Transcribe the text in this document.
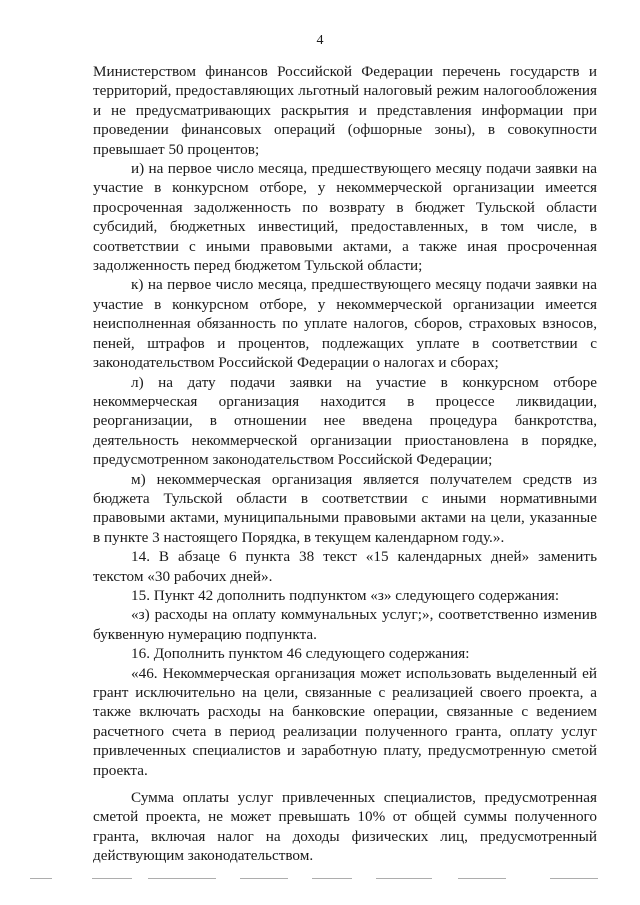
4

Министерством финансов Российской Федерации перечень государств и территорий, предоставляющих льготный налоговый режим налогообложения и не предусматривающих раскрытия и представления информации при проведении финансовых операций (офшорные зоны), в совокупности превышает 50 процентов;

и) на первое число месяца, предшествующего месяцу подачи заявки на участие в конкурсном отборе, у некоммерческой организации имеется просроченная задолженность по возврату в бюджет Тульской области субсидий, бюджетных инвестиций, предоставленных, в том числе, в соответствии с иными правовыми актами, а также иная просроченная задолженность перед бюджетом Тульской области;

к) на первое число месяца, предшествующего месяцу подачи заявки на участие в конкурсном отборе, у некоммерческой организации имеется неисполненная обязанность по уплате налогов, сборов, страховых взносов, пеней, штрафов и процентов, подлежащих уплате в соответствии с законодательством Российской Федерации о налогах и сборах;

л) на дату подачи заявки на участие в конкурсном отборе некоммерческая организация находится в процессе ликвидации, реорганизации, в отношении нее введена процедура банкротства, деятельность некоммерческой организации приостановлена в порядке, предусмотренном законодательством Российской Федерации;

м) некоммерческая организация является получателем средств из бюджета Тульской области в соответствии с иными нормативными правовыми актами, муниципальными правовыми актами на цели, указанные в пункте 3 настоящего Порядка, в текущем календарном году.».

14. В абзаце 6 пункта 38 текст «15 календарных дней» заменить текстом «30 рабочих дней».

15. Пункт 42 дополнить подпунктом «з» следующего содержания:

«з) расходы на оплату коммунальных услуг;», соответственно изменив буквенную нумерацию подпункта.

16. Дополнить пунктом 46 следующего содержания:

«46. Некоммерческая организация может использовать выделенный ей грант исключительно на цели, связанные с реализацией своего проекта, а также включать расходы на банковские операции, связанные с ведением расчетного счета в период реализации полученного гранта, оплату услуг привлеченных специалистов и заработную плату, предусмотренную сметой проекта.

Сумма оплаты услуг привлеченных специалистов, предусмотренная сметой проекта, не может превышать 10% от общей суммы полученного гранта, включая налог на доходы физических лиц, предусмотренный действующим законодательством.
